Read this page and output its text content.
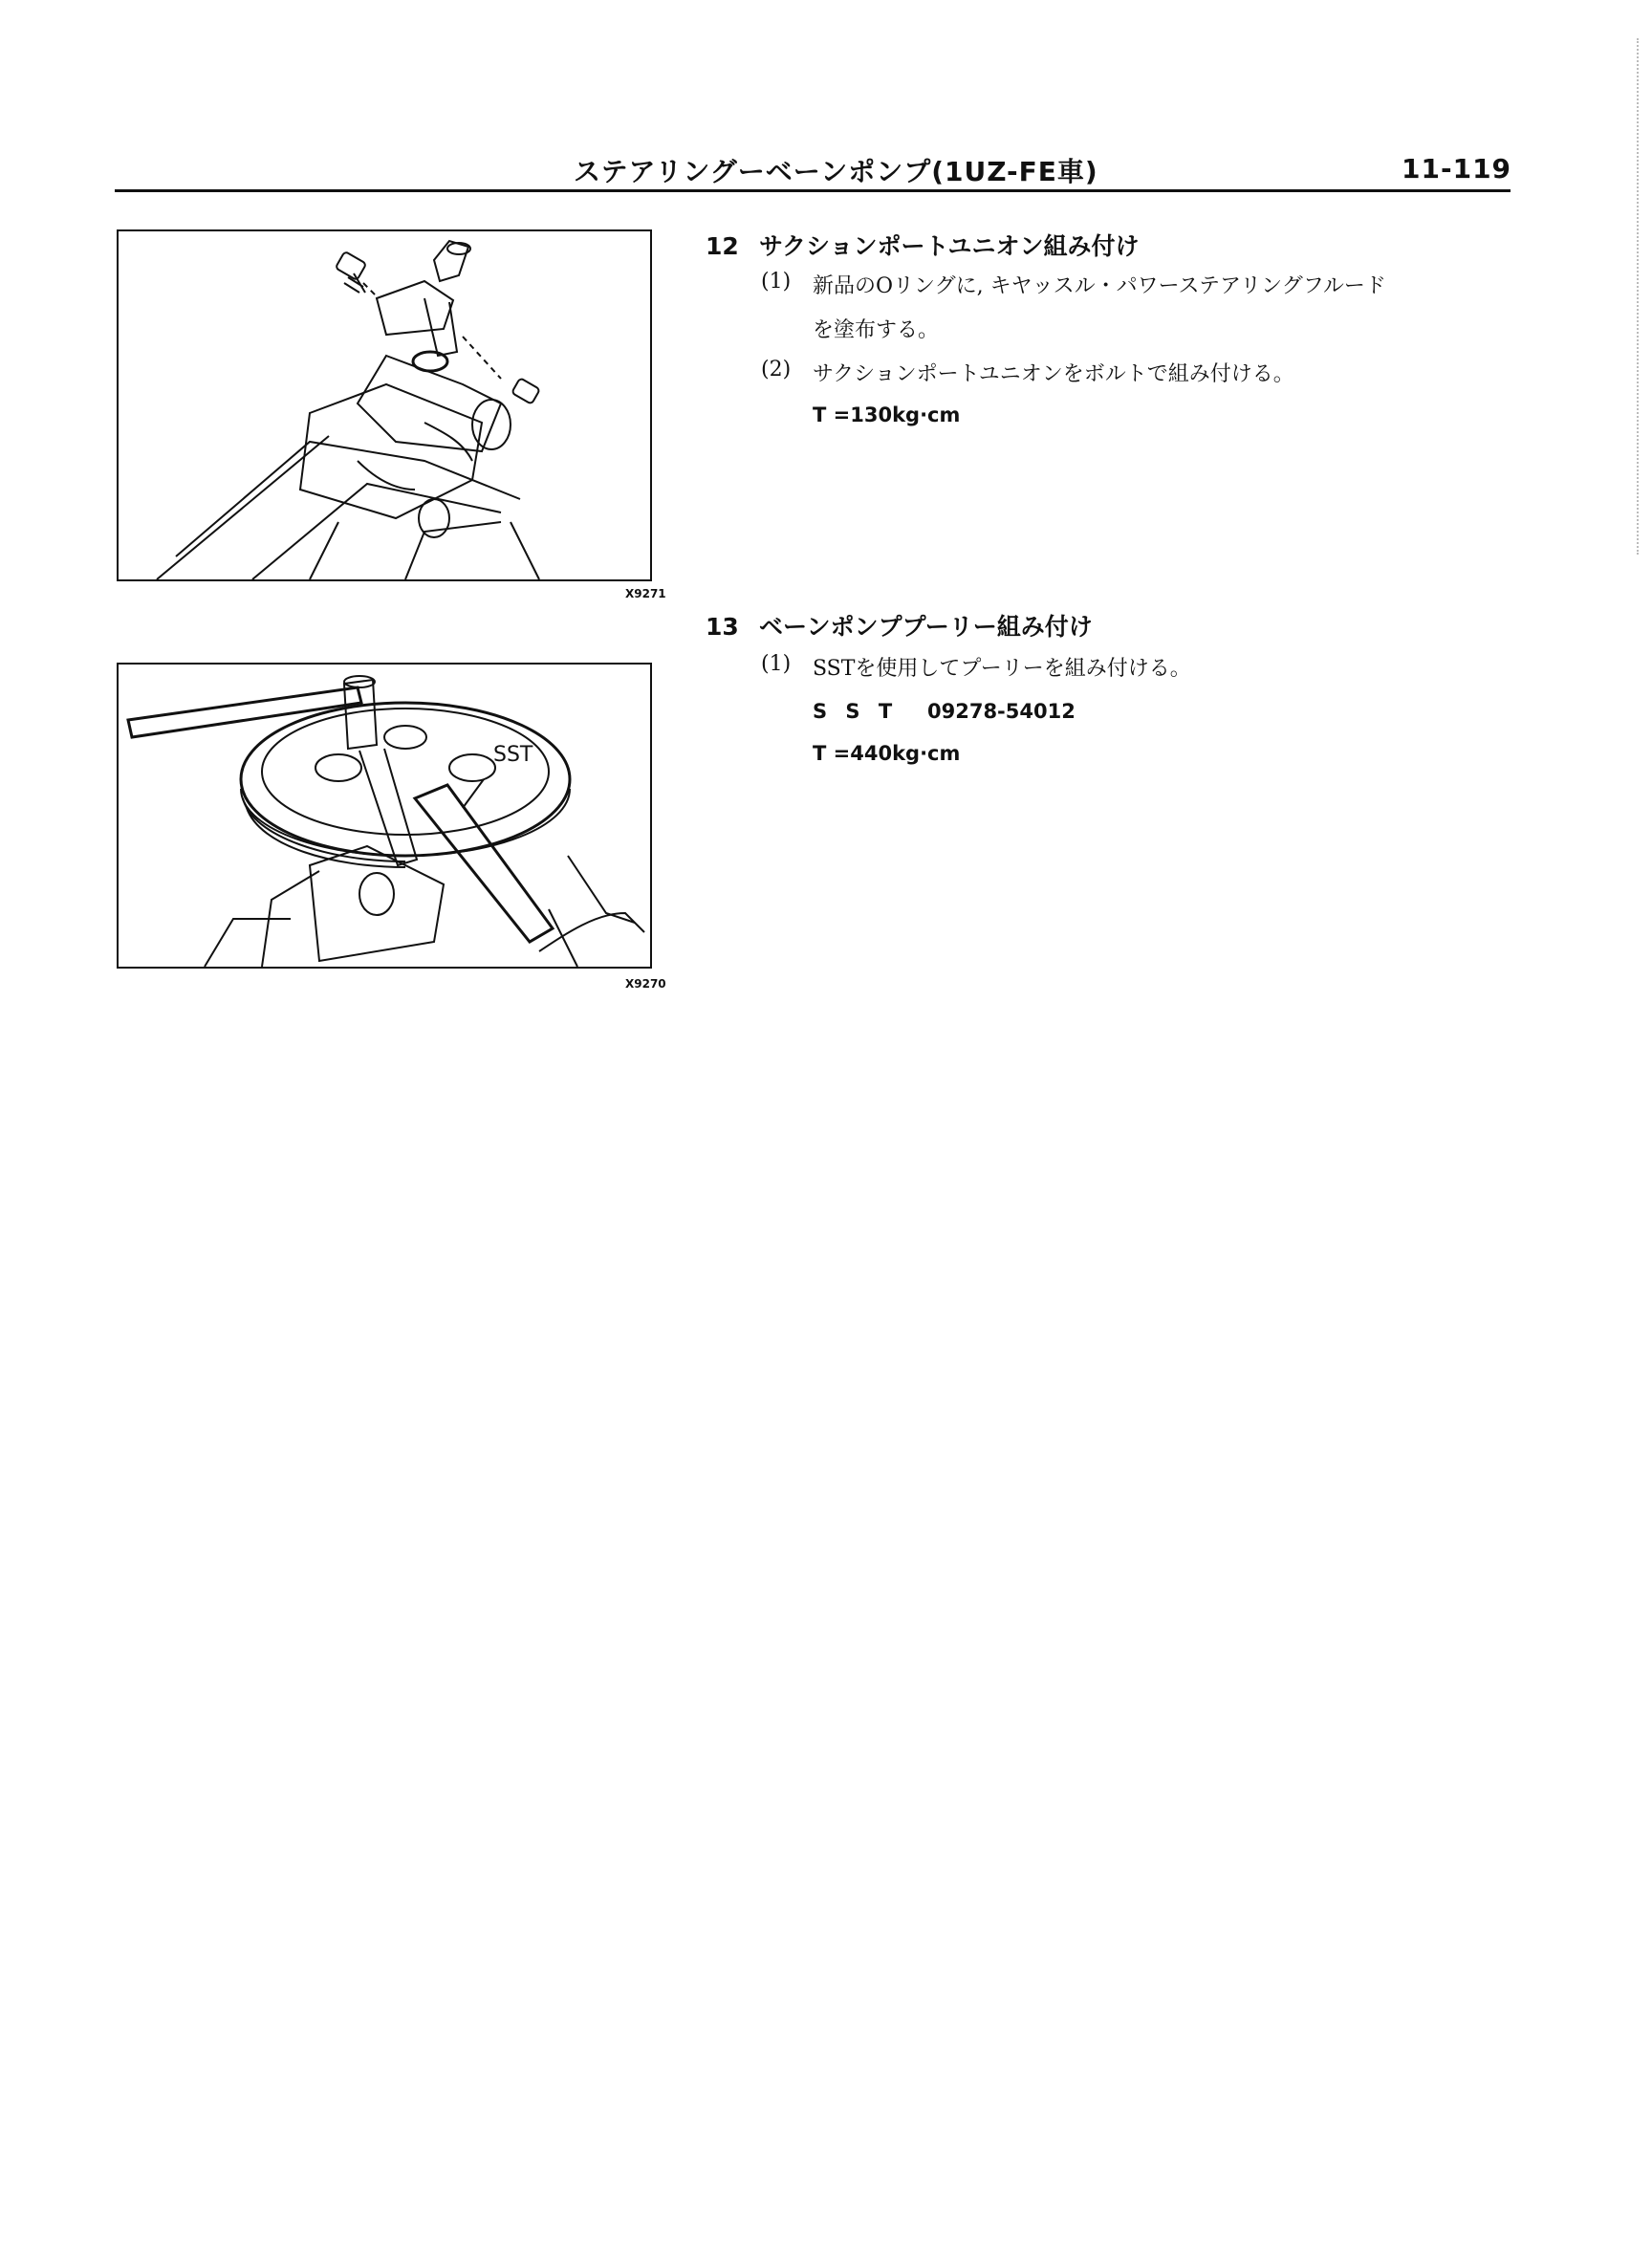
ステアリングーベーンポンプ(1UZ-FE車)	11-119
X9271
SST
X9270
12 サクションポートユニオン組み付け
(1) 新品のOリングに, キヤッスル・パワーステアリングフルード
を塗布する。
(2) サクションポートユニオンをボルトで組み付ける。
T =130kg·cm
13 ベーンポンププーリー組み付け
(1) SSTを使用してプーリーを組み付ける。
S S T 09278-54012
T =440kg·cm
